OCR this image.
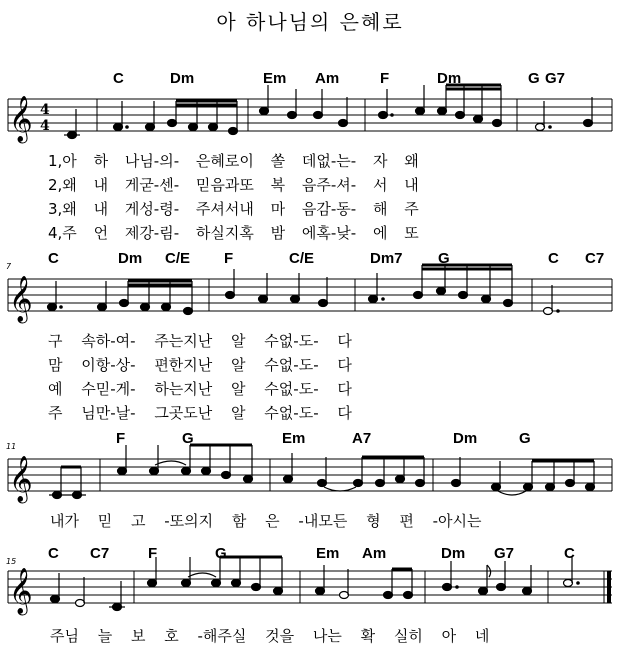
아 하나님의 은혜로
C	Dm	Em Am	F	Dm	G G7
𝄞 4
4
1,아 하 나님-의- 은혜로이 쏠 데없-는- 자 왜
2,왜 내 게굳-센- 믿음과또 복 음주-셔- 서 내
3,왜 내 게성-령- 주셔서내 마 음감-동- 해 주
4,주 언 제강-림- 하실지혹 밤 에혹-낮- 에 또
7 C	Dm C/E F	C/E	Dm7 G	C C7
𝄞
구 속하-여- 주는지난 알 수없-도- 다
맘 이항-상- 편한지난 알 수없-도- 다
예 수믿-게- 하는지난 알 수없-도- 다
주 님만-날- 그곳도난 알 수없-도- 다
11	F	G	Em	A7	Dm	G
𝄞
내가 믿 고 -또의지 함 은 -내모든 형 편 -아시는
15 C C7	F	G	Em Am	Dm G7	C
𝄞
주님 늘 보 호 -해주실 것을 나는 확 실히 아 네
